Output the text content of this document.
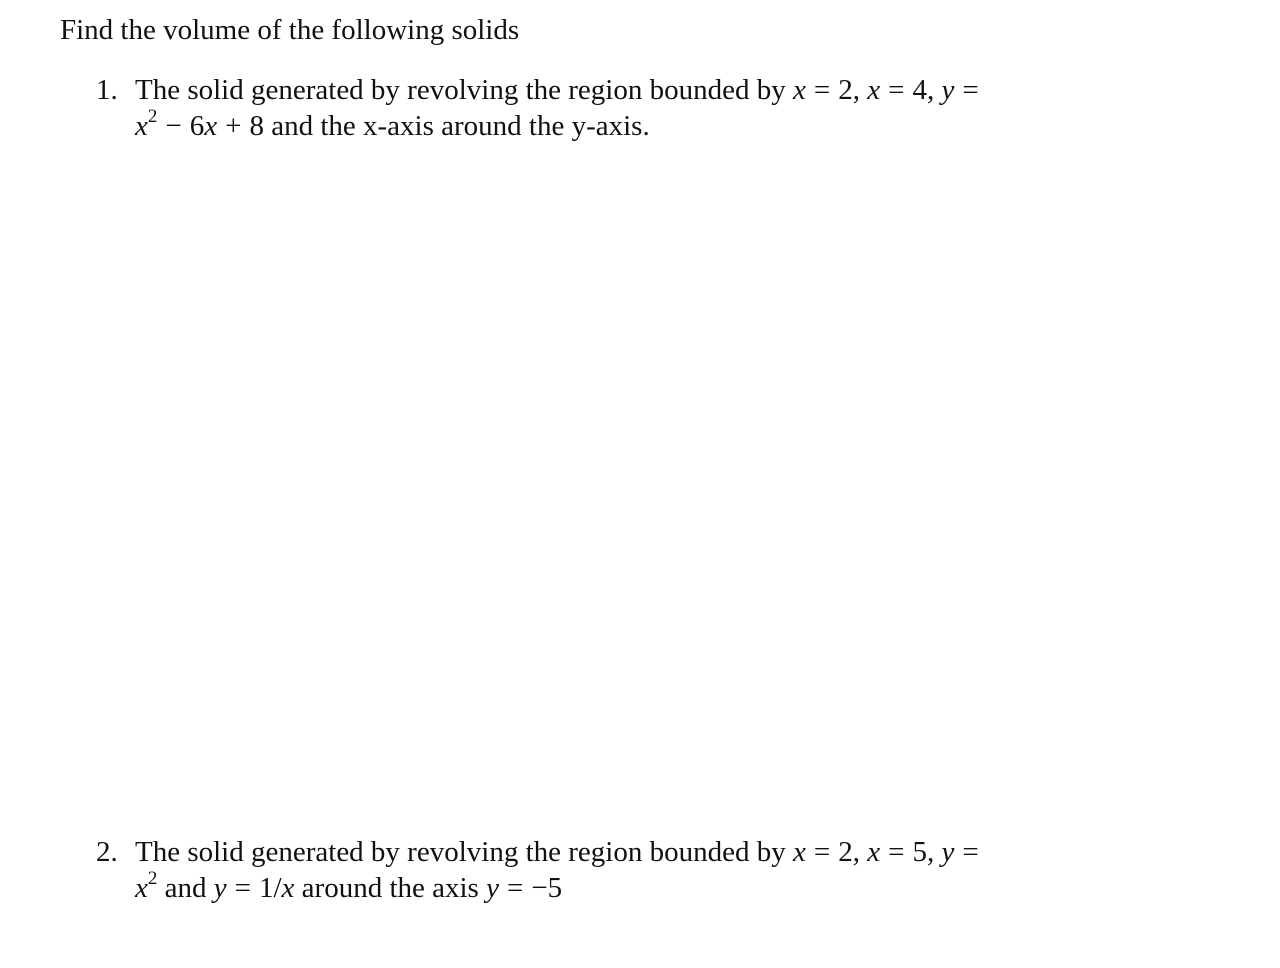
Find the volume of the following solids
1. The solid generated by revolving the region bounded by x = 2, x = 4, y =
$x^2 - 6x + 8$ and the x-axis around the y-axis.
2. The solid generated by revolving the region bounded by x = 2, x = 5, y =
$x^2$ and y = 1/x around the axis y = −5
